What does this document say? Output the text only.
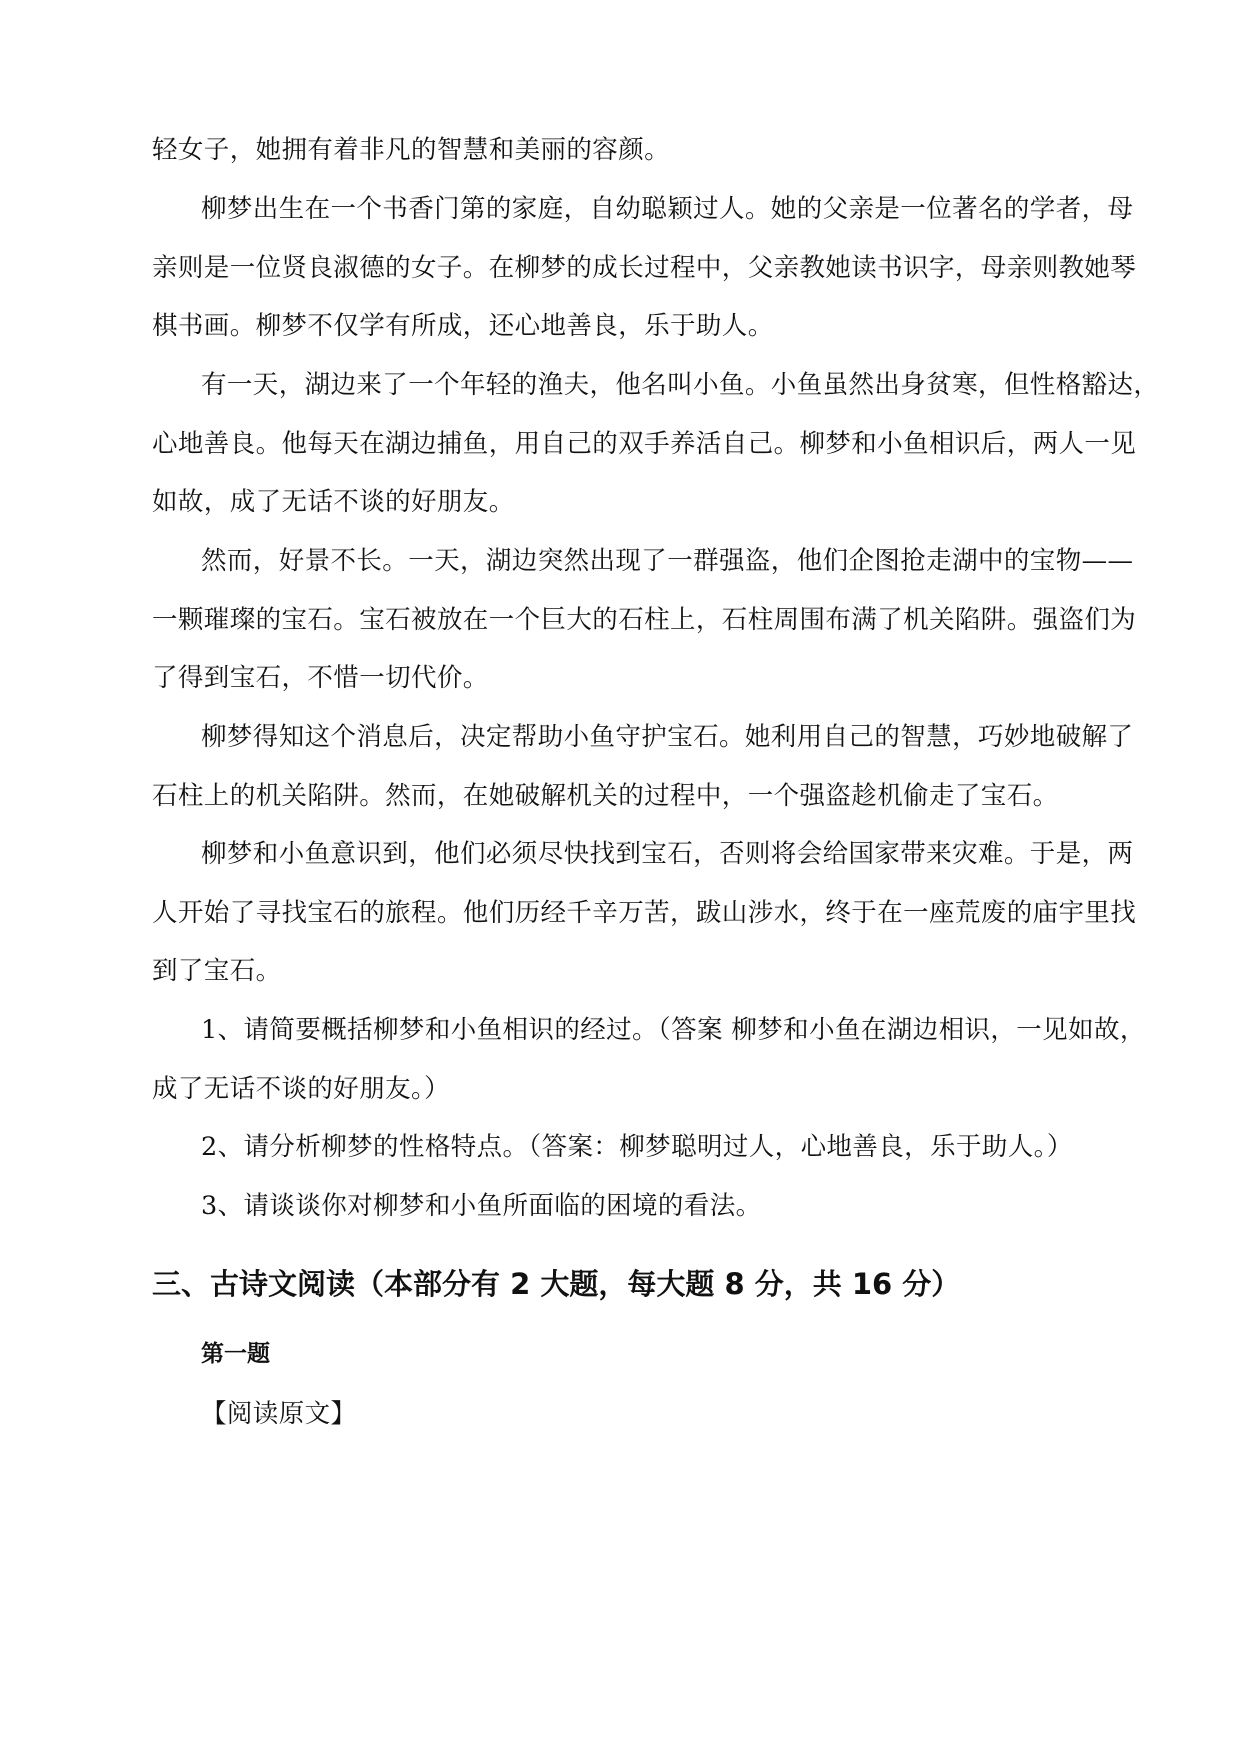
轻女子，她拥有着非凡的智慧和美丽的容颜。
柳梦出生在一个书香门第的家庭，自幼聪颖过人。她的父亲是一位著名的学者，母
亲则是一位贤良淑德的女子。在柳梦的成长过程中，父亲教她读书识字，母亲则教她琴
棋书画。柳梦不仅学有所成，还心地善良，乐于助人。
有一天，湖边来了一个年轻的渔夫，他名叫小鱼。小鱼虽然出身贫寒，但性格豁达，
心地善良。他每天在湖边捕鱼，用自己的双手养活自己。柳梦和小鱼相识后，两人一见
如故，成了无话不谈的好朋友。
然而，好景不长。一天，湖边突然出现了一群强盗，他们企图抢走湖中的宝物——
一颗璀璨的宝石。宝石被放在一个巨大的石柱上，石柱周围布满了机关陷阱。强盗们为
了得到宝石，不惜一切代价。
柳梦得知这个消息后，决定帮助小鱼守护宝石。她利用自己的智慧，巧妙地破解了
石柱上的机关陷阱。然而，在她破解机关的过程中，一个强盗趁机偷走了宝石。
柳梦和小鱼意识到，他们必须尽快找到宝石，否则将会给国家带来灾难。于是，两
人开始了寻找宝石的旅程。他们历经千辛万苦，跋山涉水，终于在一座荒废的庙宇里找
到了宝石。
1、请简要概括柳梦和小鱼相识的经过。（答案 柳梦和小鱼在湖边相识，一见如故，
成了无话不谈的好朋友。）
2、请分析柳梦的性格特点。（答案：柳梦聪明过人，心地善良，乐于助人。）
3、请谈谈你对柳梦和小鱼所面临的困境的看法。
三、古诗文阅读（本部分有 2 大题，每大题 8 分，共 16 分）
第一题
【阅读原文】
